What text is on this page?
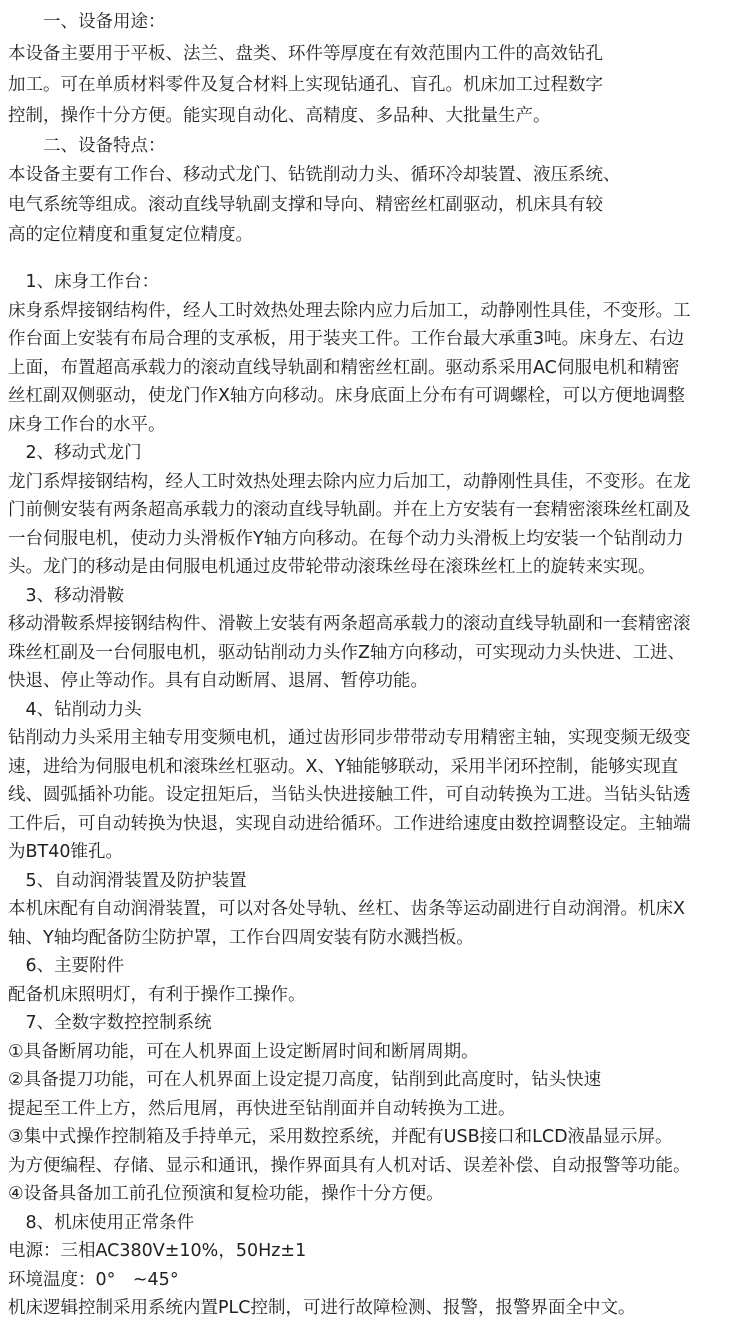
　　一、设备用途：
本设备主要用于平板、法兰、盘类、环件等厚度在有效范围内工件的高效钻孔
加工。可在单质材料零件及复合材料上实现钻通孔、盲孔。机床加工过程数字
控制，操作十分方便。能实现自动化、高精度、多品种、大批量生产。
　　二、设备特点：
本设备主要有工作台、移动式龙门、钻铣削动力头、循环冷却装置、液压系统、
电气系统等组成。滚动直线导轨副支撑和导向、精密丝杠副驱动，机床具有较
高的定位精度和重复定位精度。
　1、床身工作台：
床身系焊接钢结构件，经人工时效热处理去除内应力后加工，动静刚性具佳，不变形。工
作台面上安装有布局合理的支承板，用于装夹工件。工作台最大承重3吨。床身左、右边
上面，布置超高承载力的滚动直线导轨副和精密丝杠副。驱动系采用AC伺服电机和精密
丝杠副双侧驱动，使龙门作X轴方向移动。床身底面上分布有可调螺栓，可以方便地调整
床身工作台的水平。
　2、移动式龙门
龙门系焊接钢结构，经人工时效热处理去除内应力后加工，动静刚性具佳，不变形。在龙
门前侧安装有两条超高承载力的滚动直线导轨副。并在上方安装有一套精密滚珠丝杠副及
一台伺服电机，使动力头滑板作Y轴方向移动。在每个动力头滑板上均安装一个钻削动力
头。龙门的移动是由伺服电机通过皮带轮带动滚珠丝母在滚珠丝杠上的旋转来实现。
　3、移动滑鞍
移动滑鞍系焊接钢结构件、滑鞍上安装有两条超高承载力的滚动直线导轨副和一套精密滚
珠丝杠副及一台伺服电机，驱动钻削动力头作Z轴方向移动，可实现动力头快进、工进、
快退、停止等动作。具有自动断屑、退屑、暂停功能。
　4、钻削动力头
钻削动力头采用主轴专用变频电机，通过齿形同步带带动专用精密主轴，实现变频无级变
速，进给为伺服电机和滚珠丝杠驱动。X、Y轴能够联动，采用半闭环控制，能够实现直
线、圆弧插补功能。设定扭矩后，当钻头快进接触工件，可自动转换为工进。当钻头钻透
工件后，可自动转换为快退，实现自动进给循环。工作进给速度由数控调整设定。主轴端
为BT40锥孔。
　5、自动润滑装置及防护装置
本机床配有自动润滑装置，可以对各处导轨、丝杠、齿条等运动副进行自动润滑。机床X
轴、Y轴均配备防尘防护罩，工作台四周安装有防水溅挡板。
　6、主要附件
配备机床照明灯，有利于操作工操作。
　7、全数字数控控制系统
①具备断屑功能，可在人机界面上设定断屑时间和断屑周期。
②具备提刀功能，可在人机界面上设定提刀高度，钻削到此高度时，钻头快速
提起至工件上方，然后甩屑，再快进至钻削面并自动转换为工进。
③集中式操作控制箱及手持单元，采用数控系统，并配有USB接口和LCD液晶显示屏。
为方便编程、存储、显示和通讯，操作界面具有人机对话、误差补偿、自动报警等功能。
④设备具备加工前孔位预演和复检功能，操作十分方便。
　8、机床使用正常条件
电源：三相AC380V±10%，50Hz±1
环境温度：0°　~45°
机床逻辑控制采用系统内置PLC控制，可进行故障检测、报警，报警界面全中文。
